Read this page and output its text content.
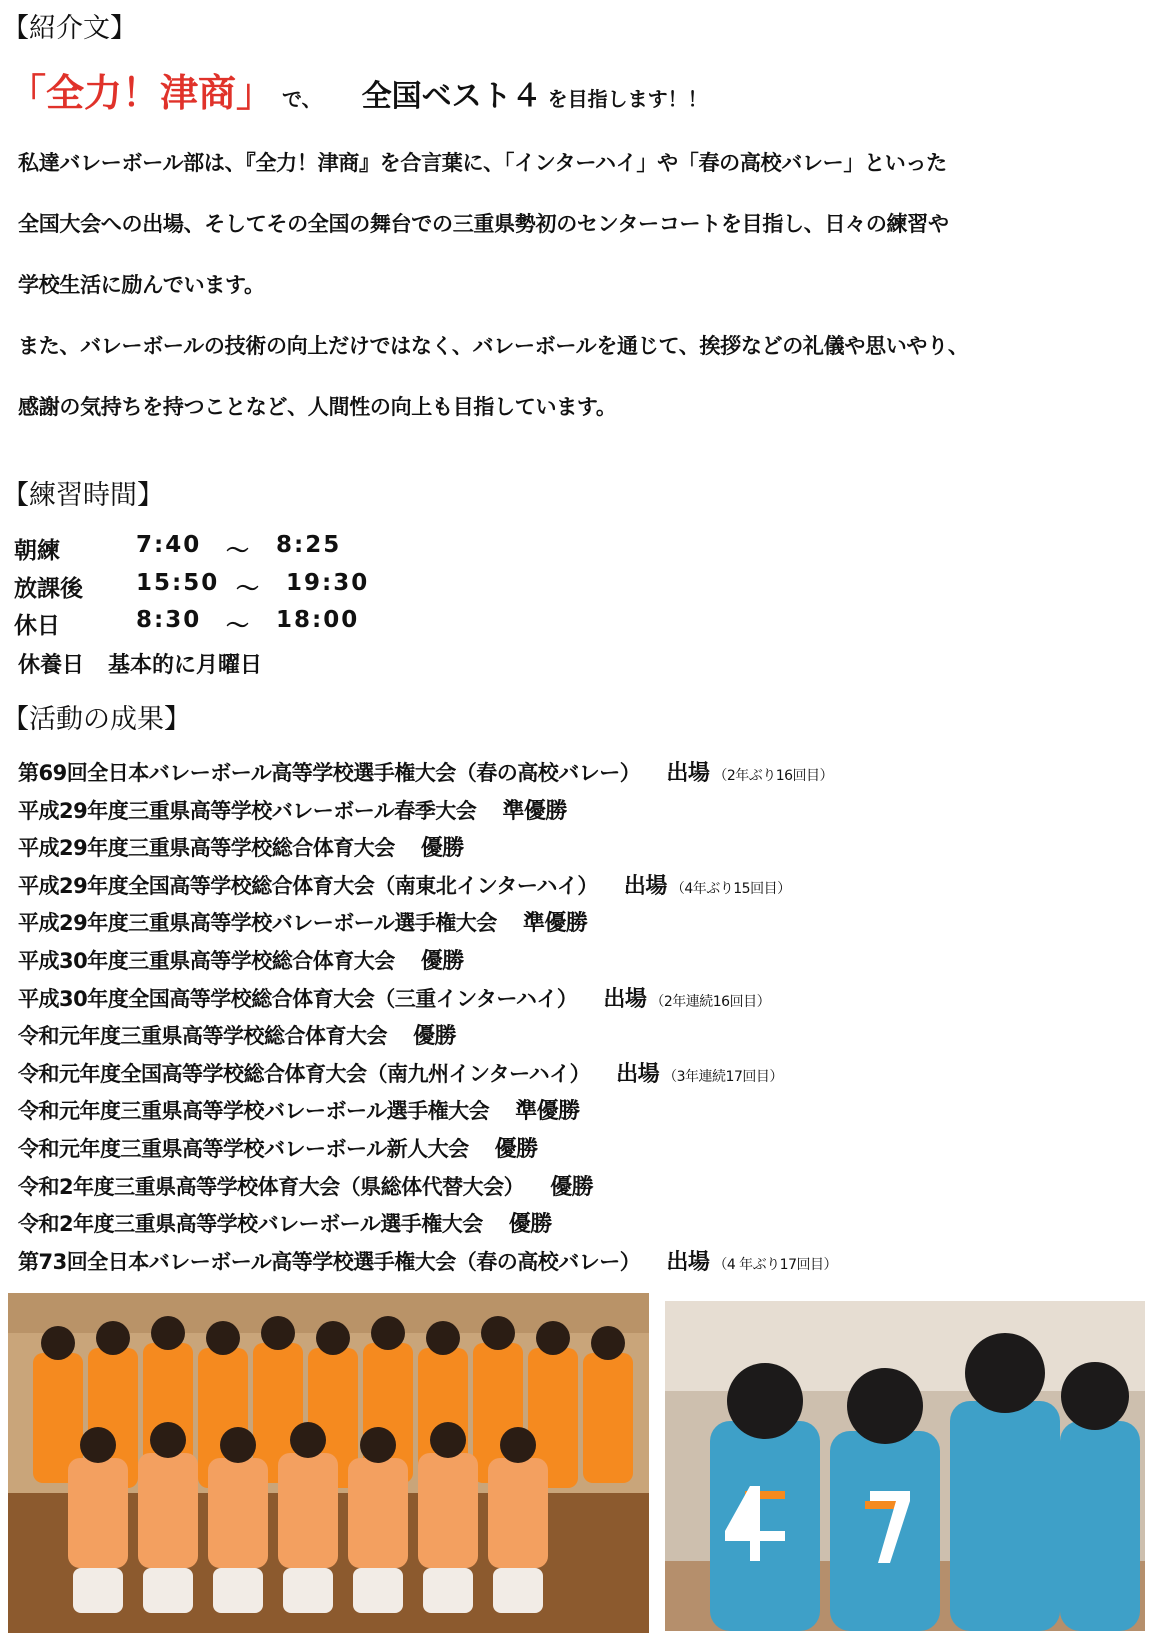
【紹介文】
「全力！津商」 で、 全国ベスト４ を目指します！！
私達バレーボール部は、『全力！津商』を合言葉に、「インターハイ」や「春の高校バレー」といった
全国大会への出場、そしてその全国の舞台での三重県勢初のセンターコートを目指し、日々の練習や
学校生活に励んでいます。
また、バレーボールの技術の向上だけではなく、バレーボールを通じて、挨拶などの礼儀や思いやり、
感謝の気持ちを持つことなど、人間性の向上も目指しています。
【練習時間】
朝練	7:40 ～ 8:25
放課後 15:50 ～ 19:30
休日	8:30 ～ 18:00
休養日 基本的に月曜日
【活動の成果】
第69回全日本バレーボール高等学校選手権大会（春の高校バレー） 出場 （2年ぶり16回目）
平成29年度三重県高等学校バレーボール春季大会 準優勝
平成29年度三重県高等学校総合体育大会 優勝
平成29年度全国高等学校総合体育大会（南東北インターハイ） 出場 （4年ぶり15回目）
平成29年度三重県高等学校バレーボール選手権大会 準優勝
平成30年度三重県高等学校総合体育大会 優勝
平成30年度全国高等学校総合体育大会（三重インターハイ） 出場 （2年連続16回目）
令和元年度三重県高等学校総合体育大会 優勝
令和元年度全国高等学校総合体育大会（南九州インターハイ） 出場 （3年連続17回目）
令和元年度三重県高等学校バレーボール選手権大会 準優勝
令和元年度三重県高等学校バレーボール新人大会 優勝
令和2年度三重県高等学校体育大会（県総体代替大会） 優勝
令和2年度三重県高等学校バレーボール選手権大会 優勝
第73回全日本バレーボール高等学校選手権大会（春の高校バレー） 出場 （4 年ぶり17回目）
